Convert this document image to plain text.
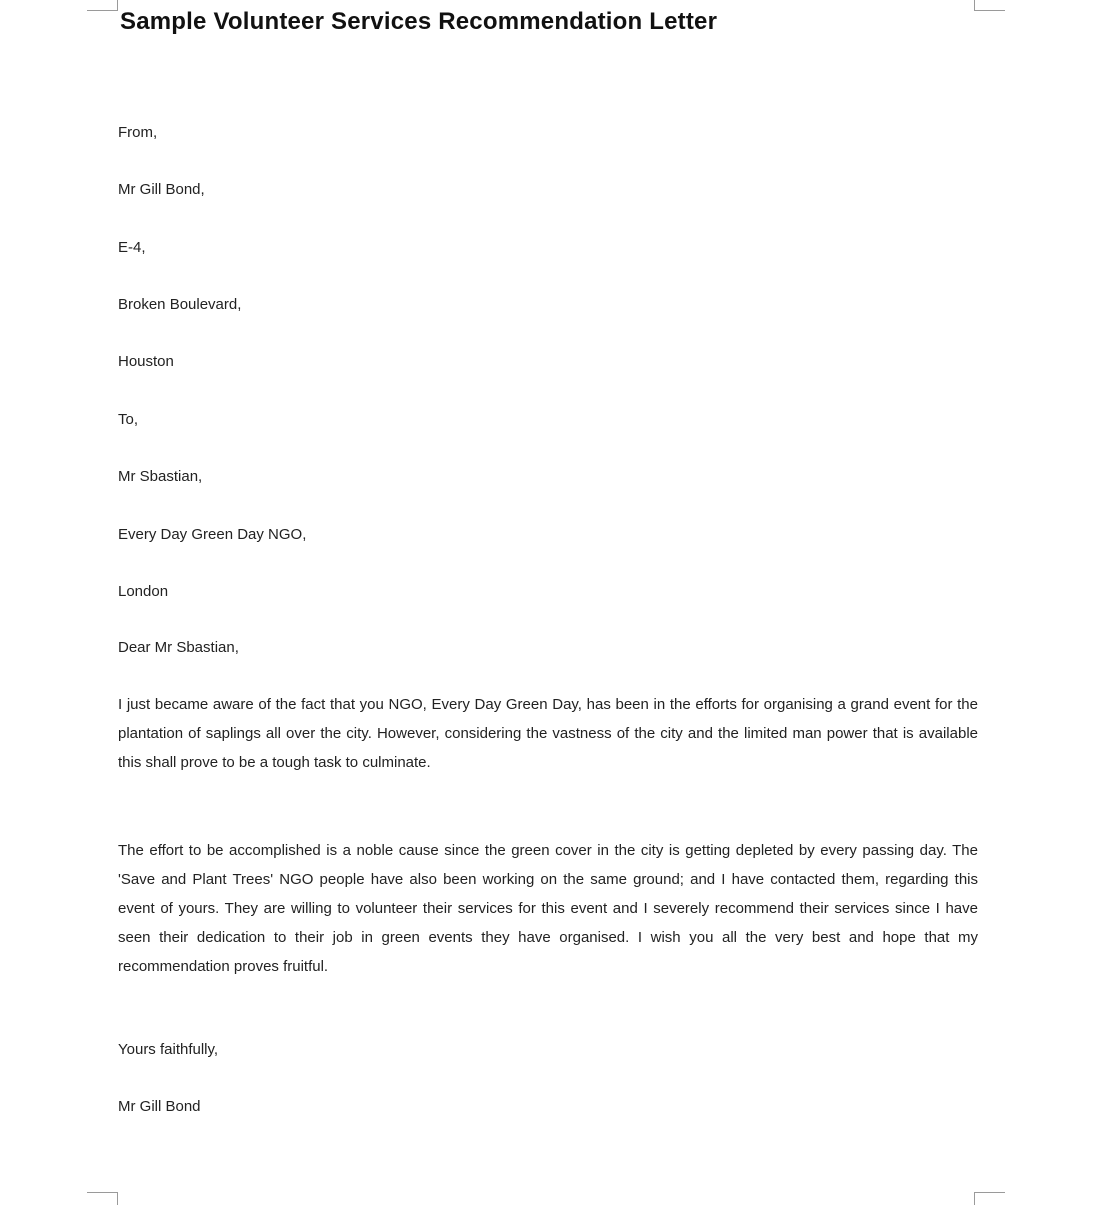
Sample Volunteer Services Recommendation Letter
From,
Mr Gill Bond,
E-4,
Broken Boulevard,
Houston
To,
Mr Sbastian,
Every Day Green Day NGO,
London
Dear Mr Sbastian,
I just became aware of the fact that you NGO, Every Day Green Day, has been in the efforts for organising a grand event for the plantation of saplings all over the city. However, considering the vastness of the city and the limited man power that is available this shall prove to be a tough task to culminate.
The effort to be accomplished is a noble cause since the green cover in the city is getting depleted by every passing day. The 'Save and Plant Trees' NGO people have also been working on the same ground; and I have contacted them, regarding this event of yours. They are willing to volunteer their services for this event and I severely recommend their services since I have seen their dedication to their job in green events they have organised. I wish you all the very best and hope that my recommendation proves fruitful.
Yours faithfully,
Mr Gill Bond
